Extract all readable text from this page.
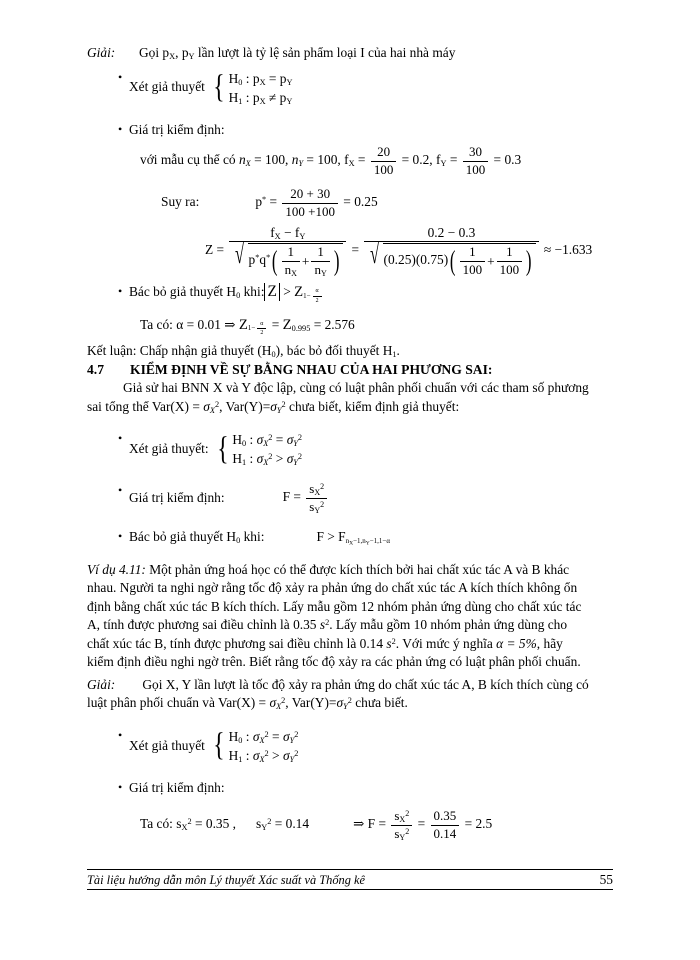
Giải: Gọi $p_X$, $p_Y$ lần lượt là tỷ lệ sản phẩm loại I của hai nhà máy
• Xét giả thuyết { $H_0$ : $p_X = p_Y$
$H_1$ : $p_X \ne p_Y$
• Giá trị kiểm định:
với mẫu cụ thể có $n_X = 100$, $n_Y = 100$, $f_X = \frac{20}{100} = 0.2$, $f_Y = \frac{30}{100} = 0.3$
Suy ra:	$p^* = \frac{20 + 30}{100 +100} = 0.25$
$Z = \frac{f_X - f_Y}{√ p^*q^* ( \frac{1}{n_X} + \frac{1}{n_Y} )} = \frac{0.2 - 0.3}{√ (0.25)(0.75) ( \frac{1}{100} + \frac{1}{100} )} \approx -1.633$
• Bác bỏ giả thuyết $H_0$ khi: $Z > Z_{1- \frac{\alpha}{2}}$
Ta có: α = 0.01 ⇒ $Z_{1- \frac{\alpha}{2}} = Z_{0.995} = 2.576$
Kết luận: Chấp nhận giả thuyết $(H_0)$, bác bỏ đối thuyết $H_1$.
4.7 KIỂM ĐỊNH VỀ SỰ BẰNG NHAU CỦA HAI PHƯƠNG SAI:
Giả sử hai BNN X và Y độc lập, cùng có luật phân phối chuẩn với các tham số phương
sai tổng thể $Var(X) = \sigma_X^2$, $Var(Y)=\sigma_Y^2$ chưa biết, kiểm định giả thuyết:
• Xét giả thuyết: { $H_0$ : $\sigma_X^2 = \sigma_Y^2$
$H_1$ : $\sigma_X^2 > \sigma_Y^2$
• Giá trị kiểm định:	$F = \frac{s_X^2}{s_Y^2}$
• Bác bỏ giả thuyết $H_0$ khi:	$F > F_{n_X-1,n_Y-1,1-\alpha}$
Ví dụ 4.11: Một phản ứng hoá học có thể được kích thích bởi hai chất xúc tác A và B khác
nhau. Người ta nghi ngờ rằng tốc độ xảy ra phản ứng do chất xúc tác A kích thích không ổn
định bằng chất xúc tác B kích thích. Lấy mẫu gồm 12 nhóm phản ứng dùng cho chất xúc tác
A, tính được phương sai điều chỉnh là 0.35 $s^2$. Lấy mẫu gồm 10 nhóm phản ứng dùng cho
chất xúc tác B, tính được phương sai điều chỉnh là 0.14 $s^2$. Với mức ý nghĩa α = 5%, hãy
kiểm định điều nghi ngờ trên. Biết rằng tốc độ xảy ra các phản ứng có luật phân phối chuẩn.
Giải: Gọi X, Y lần lượt là tốc độ xảy ra phản ứng do chất xúc tác A, B kích thích cùng có
luật phân phối chuẩn và $Var(X) = \sigma_X^2$, $Var(Y)=\sigma_Y^2$ chưa biết.
• Xét giả thuyết { $H_0$ : $\sigma_X^2 = \sigma_Y^2$
$H_1$ : $\sigma_X^2 > \sigma_Y^2$
• Giá trị kiểm định:
Ta có: $s_X^2 = 0.35$ , $s_Y^2 = 0.14$	⇒ $F = \frac{s_X^2}{s_Y^2} = \frac{0.35}{0.14} = 2.5$
Tài liệu hướng dẫn môn Lý thuyết Xác suất và Thống kê	55
